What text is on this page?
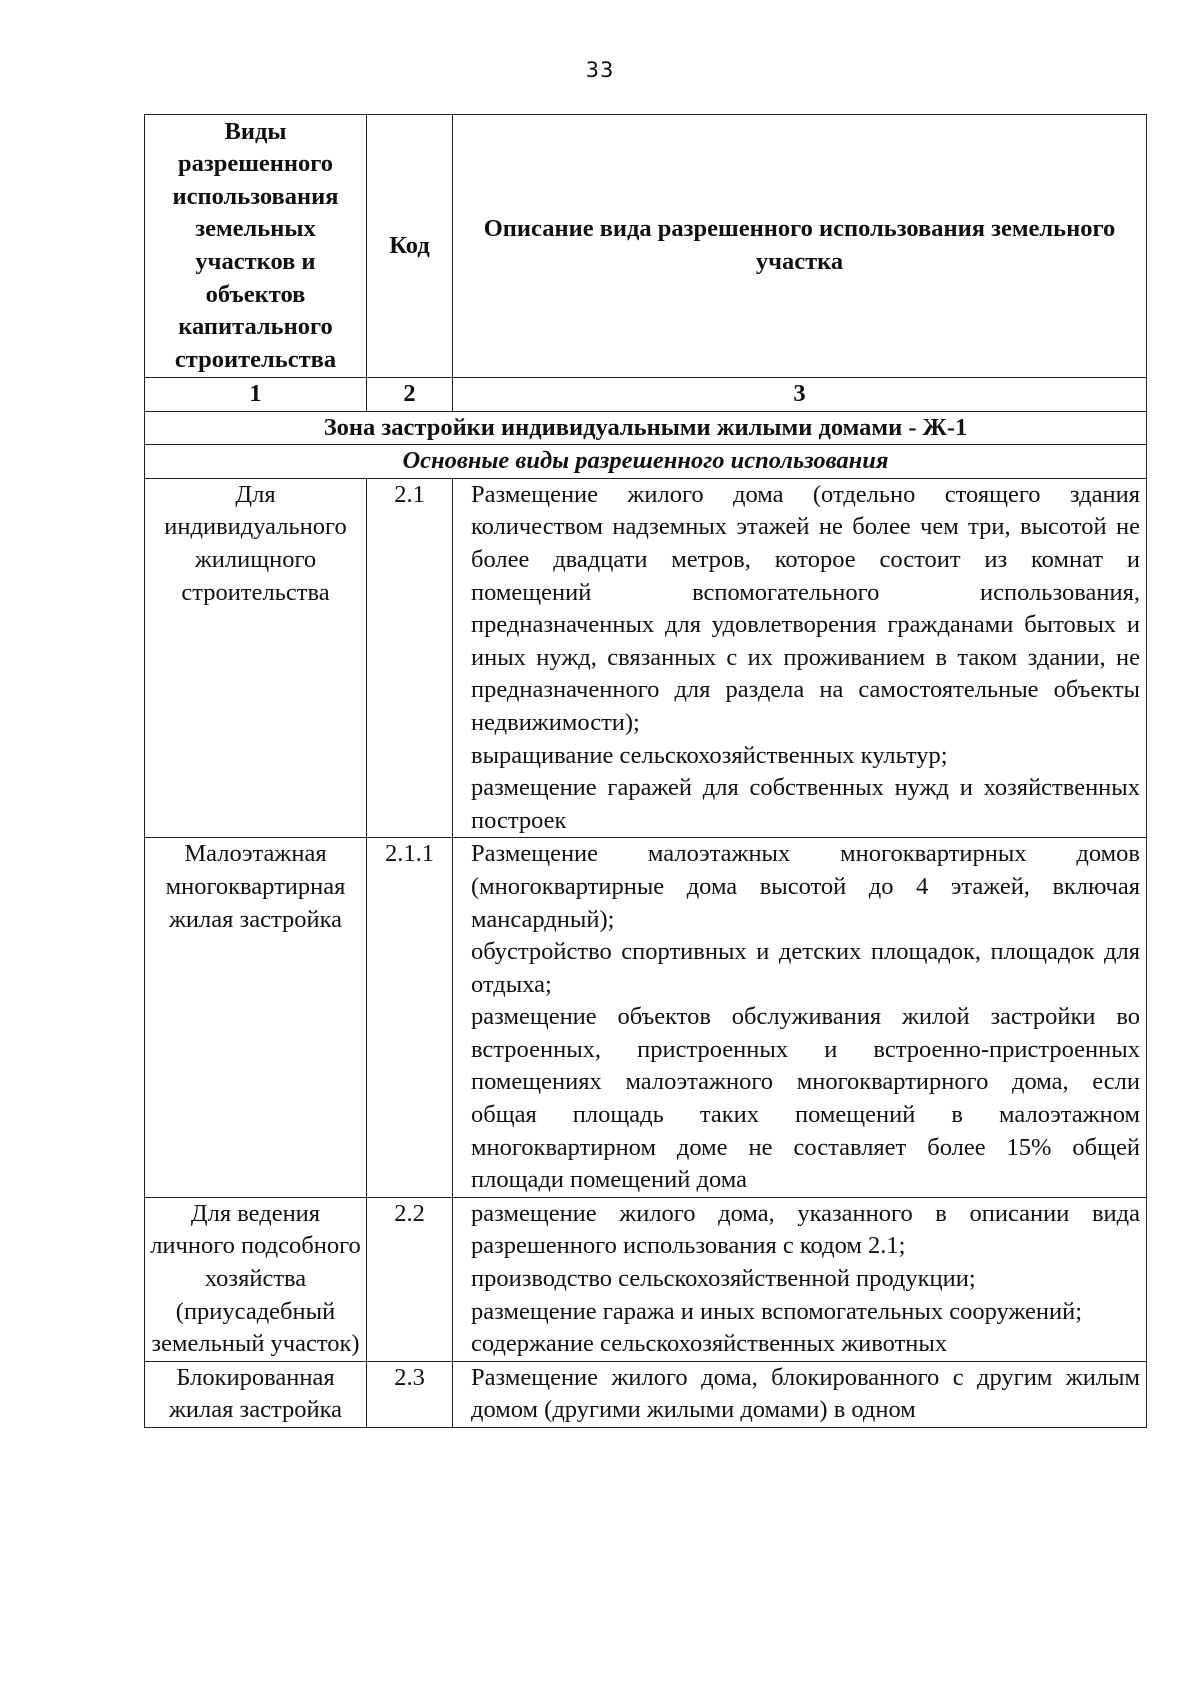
33
Виды разрешенного использования земельных участков и объектов капитального строительства	Код	Описание вида разрешенного использования земельного участка
1	2	3
Зона застройки индивидуальными жилыми домами - Ж-1		
Основные виды разрешенного использования		
Для индивидуального жилищного строительства	2.1	Размещение жилого дома (отдельно стоящего здания количеством надземных этажей не более чем три, высотой не более двадцати метров, которое состоит из комнат и помещений вспомогательного использования, предназначенных для удовлетворения гражданами бытовых и иных нужд, связанных с их проживанием в таком здании, не предназначенного для раздела на самостоятельные объекты недвижимости);
выращивание сельскохозяйственных культур;
размещение гаражей для собственных нужд и хозяйственных построек

Малоэтажная многоквартирная жилая застройка	2.1.1	Размещение малоэтажных многоквартирных домов (многоквартирные дома высотой до 4 этажей, включая мансардный);
обустройство спортивных и детских площадок, площадок для отдыха;
размещение объектов обслуживания жилой застройки во встроенных, пристроенных и встроенно-пристроенных помещениях малоэтажного многоквартирного дома, если общая площадь таких помещений в малоэтажном многоквартирном доме не составляет более 15% общей площади помещений дома

Для ведения личного подсобного хозяйства (приусадебный земельный участок)	2.2	размещение жилого дома, указанного в описании вида разрешенного использования с кодом 2.1;
производство сельскохозяйственной продукции;
размещение гаража и иных вспомогательных сооружений;
содержание сельскохозяйственных животных

Блокированная жилая застройка	2.3	Размещение жилого дома, блокированного с другим жилым домом (другими жилыми домами) в одном
